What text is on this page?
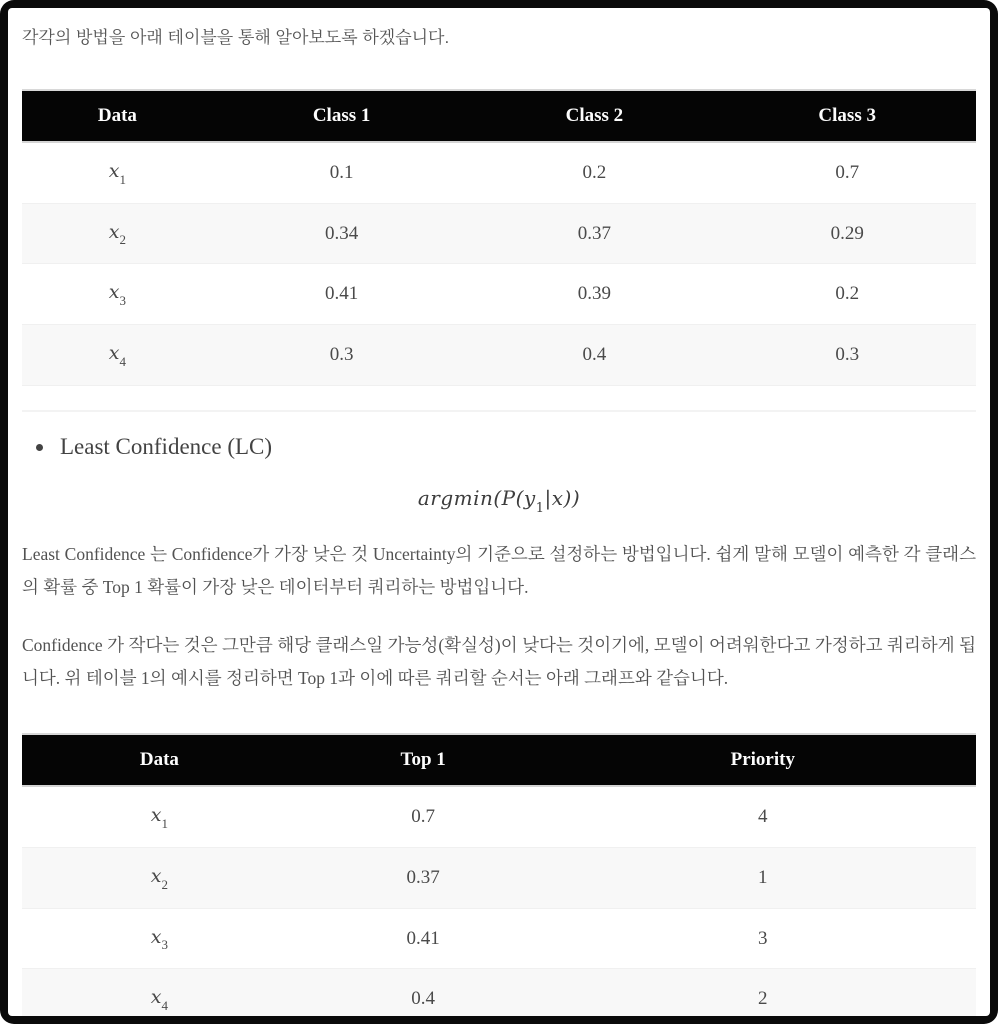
각각의 방법을 아래 테이블을 통해 알아보도록 하겠습니다.

Data	Class 1	Class 2	Class 3
$x_1$	0.1	0.2	0.7
$x_2$	0.34	0.37	0.29
$x_3$	0.41	0.39	0.2
$x_4$	0.3	0.4	0.3
• Least Confidence (LC)
$argmin(P(y_1|x))$

Least Confidence 는 Confidence가 가장 낮은 것 Uncertainty의 기준으로 설정하는 방법입니다. 쉽게 말해 모델이 예측한 각 클래스의 확률 중 Top 1 확률이 가장 낮은 데이터부터 쿼리하는 방법입니다.

Confidence 가 작다는 것은 그만큼 해당 클래스일 가능성(확실성)이 낮다는 것이기에, 모델이 어려워한다고 가정하고 쿼리하게 됩니다. 위 테이블 1의 예시를 정리하면 Top 1과 이에 따른 쿼리할 순서는 아래 그래프와 같습니다.

Data	Top 1	Priority
$x_1$	0.7	4
$x_2$	0.37	1
$x_3$	0.41	3
$x_4$	0.4	2
